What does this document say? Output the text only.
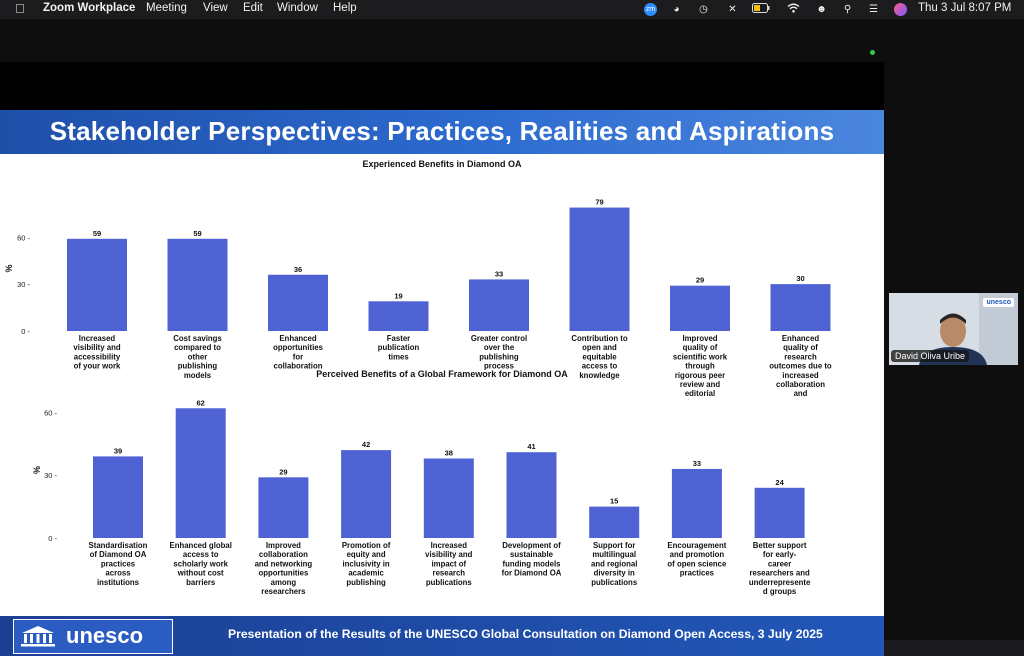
Zoom Workplace Meeting View Edit Window Help	zm	◕	◷ ✕	☻ ⚲ ☰	Thu 3 Jul 8:07 PM
Stakeholder Perspectives: Practices, Realities and Aspirations
Experienced Benefits in Diamond OA
%
0 -
30 -
60 -	59
Increased visibility and accessibility of your work
59
Cost savings compared to other publishing models
36
Enhanced opportunities for collaboration
19
Faster publication times
33
Greater control over the publishing process
79
Contribution to open and equitable access to knowledge
29
Improved quality of scientific work through rigorous peer review and editorial
30
Enhanced quality of research outcomes due to increased collaboration and
Perceived Benefits of a Global Framework for Diamond OA
%
0 -
30 -
60 -
39
Standardisation of Diamond OA practices across institutions
62
Enhanced global access to scholarly work without cost barriers
29
Improved collaboration and networking opportunities among researchers
42
Promotion of equity and inclusivity in academic publishing
38
Increased visibility and impact of research publications
41
Development of sustainable funding models for Diamond OA
15
Support for multilingual and regional diversity in publications
33
Encouragement and promotion of open science practices
24
Better support for early-career researchers and underrepresente d groups
unesco	Presentation of the Results of the UNESCO Global Consultation on Diamond Open Access, 3 July 2025
unesco
David Oliva Uribe
